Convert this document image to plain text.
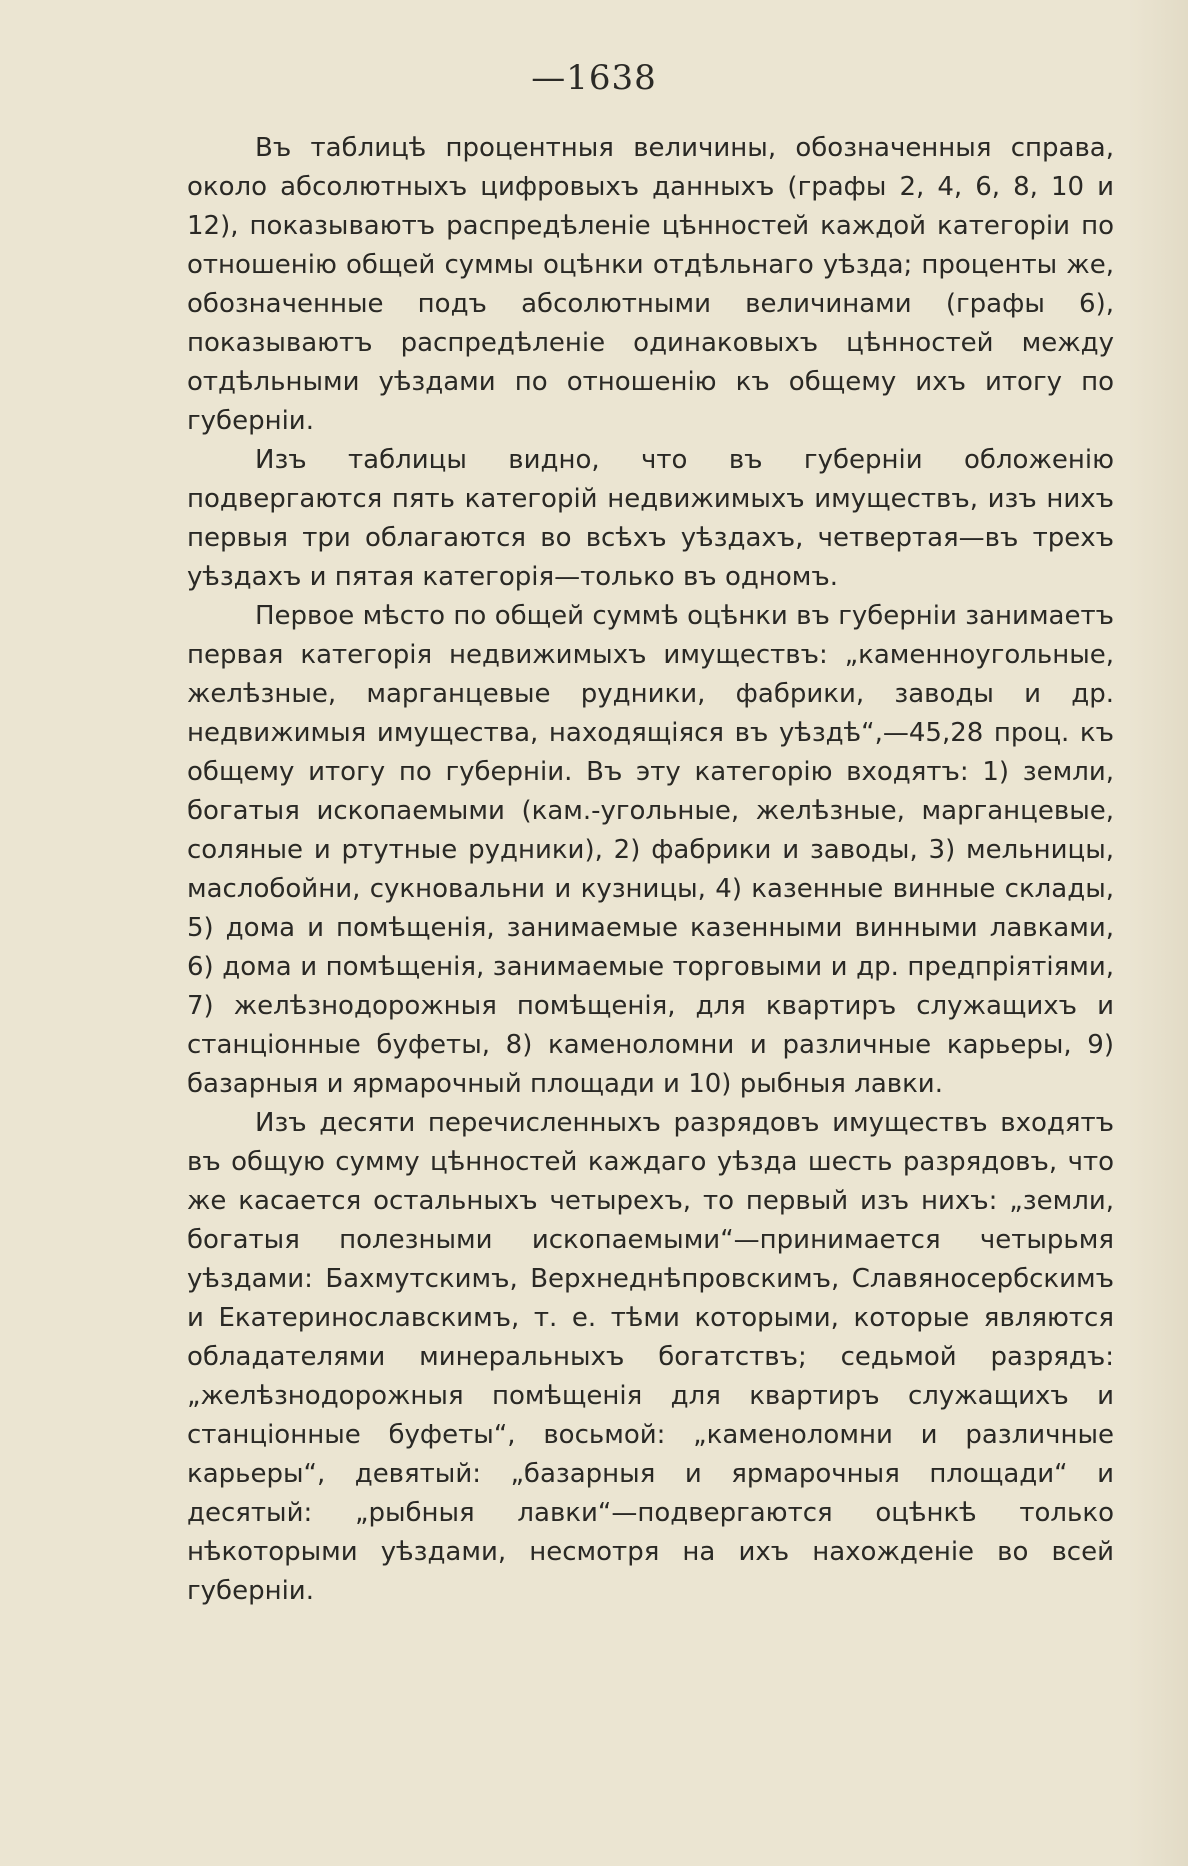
—1638

Въ таблицѣ процентныя величины, обозначенныя справа, около абсолютныхъ цифровыхъ данныхъ (графы 2, 4, 6, 8, 10 и 12), показываютъ распредѣленіе цѣнностей каждой категоріи по отношенію общей суммы оцѣнки отдѣльнаго уѣзда; проценты же, обозначенные подъ абсолютными величинами (графы 6), показываютъ распредѣленіе одинаковыхъ цѣнностей между отдѣльными уѣздами по отношенію къ общему ихъ итогу по губерніи.

Изъ таблицы видно, что въ губерніи обложенію подвергаются пять категорій недвижимыхъ имуществъ, изъ нихъ первыя три облагаются во всѣхъ уѣздахъ, четвертая—въ трехъ уѣздахъ и пятая категорія—только въ одномъ.

Первое мѣсто по общей суммѣ оцѣнки въ губерніи занимаетъ первая категорія недвижимыхъ имуществъ: „каменноугольные, желѣзные, марганцевые рудники, фабрики, заводы и др. недвижимыя имущества, находящіяся въ уѣздѣ“,—45,28 проц. къ общему итогу по губерніи. Въ эту категорію входятъ: 1) земли, богатыя ископаемыми (кам.-угольные, желѣзные, марганцевые, соляные и ртутные рудники), 2) фабрики и заводы, 3) мельницы, маслобойни, сукновальни и кузницы, 4) казенные винные склады, 5) дома и помѣщенія, занимаемые казенными винными лавками, 6) дома и помѣщенія, занимаемые торговыми и др. предпріятіями, 7) желѣзнодорожныя помѣщенія, для квартиръ служащихъ и станціонные буфеты, 8) каменоломни и различные карьеры, 9) базарныя и ярмарочный площади и 10) рыбныя лавки.

Изъ десяти перечисленныхъ разрядовъ имуществъ входятъ въ общую сумму цѣнностей каждаго уѣзда шесть разрядовъ, что же касается остальныхъ четырехъ, то первый изъ нихъ: „земли, богатыя полезными ископаемыми“—принимается четырьмя уѣздами: Бахмутскимъ, Верхнеднѣпровскимъ, Славяносербскимъ и Екатеринославскимъ, т. е. тѣми которыми, которые являются обладателями минеральныхъ богатствъ; седьмой разрядъ: „желѣзнодорожныя помѣщенія для квартиръ служащихъ и станціонные буфеты“, восьмой: „каменоломни и различные карьеры“, девятый: „базарныя и ярмарочныя площади“ и десятый: „рыбныя лавки“—подвергаются оцѣнкѣ только нѣкоторыми уѣздами, несмотря на ихъ нахожденіе во всей губерніи.
